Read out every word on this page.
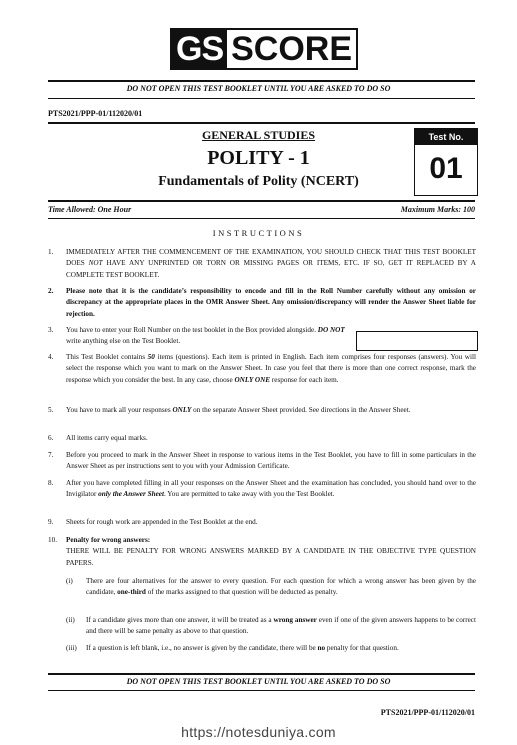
GS SCORE
DO NOT OPEN THIS TEST BOOKLET UNTIL YOU ARE ASKED TO DO SO
PTS2021/PPP-01/112020/01
GENERAL STUDIES
POLITY - 1
Fundamentals of Polity (NCERT)
Test No.
01
Time Allowed: One Hour	Maximum Marks: 100
INSTRUCTIONS
1. IMMEDIATELY AFTER THE COMMENCEMENT OF THE EXAMINATION, YOU SHOULD CHECK THAT THIS TEST BOOKLET DOES NOT HAVE ANY UNPRINTED OR TORN OR MISSING PAGES OR ITEMS, ETC. IF SO, GET IT REPLACED BY A COMPLETE TEST BOOKLET.
2. Please note that it is the candidate’s responsibility to encode and fill in the Roll Number carefully without any omission or discrepancy at the appropriate places in the OMR Answer Sheet. Any omission/discrepancy will render the Answer Sheet liable for rejection.
3. You have to enter your Roll Number on the test booklet in the Box provided alongside. DO NOT write anything else on the Test Booklet.
4. This Test Booklet contains 50 items (questions). Each item is printed in English. Each item comprises four responses (answers). You will select the response which you want to mark on the Answer Sheet. In case you feel that there is more than one correct response, mark the response which you consider the best. In any case, choose ONLY ONE response for each item.
5. You have to mark all your responses ONLY on the separate Answer Sheet provided. See directions in the Answer Sheet.
6. All items carry equal marks.
7. Before you proceed to mark in the Answer Sheet in response to various items in the Test Booklet, you have to fill in some particulars in the Answer Sheet as per instructions sent to you with your Admission Certificate.
8. After you have completed filling in all your responses on the Answer Sheet and the examination has concluded, you should hand over to the Invigilator only the Answer Sheet. You are permitted to take away with you the Test Booklet.
9. Sheets for rough work are appended in the Test Booklet at the end.
10. Penalty for wrong answers:
THERE WILL BE PENALTY FOR WRONG ANSWERS MARKED BY A CANDIDATE IN THE OBJECTIVE TYPE QUESTION PAPERS.
(i) There are four alternatives for the answer to every question. For each question for which a wrong answer has been given by the candidate, one-third of the marks assigned to that question will be deducted as penalty.
(ii) If a candidate gives more than one answer, it will be treated as a wrong answer even if one of the given answers happens to be correct and there will be same penalty as above to that question.
(iii) If a question is left blank, i.e., no answer is given by the candidate, there will be no penalty for that question.
DO NOT OPEN THIS TEST BOOKLET UNTIL YOU ARE ASKED TO DO SO
PTS2021/PPP-01/112020/01
https://notesduniya.com
